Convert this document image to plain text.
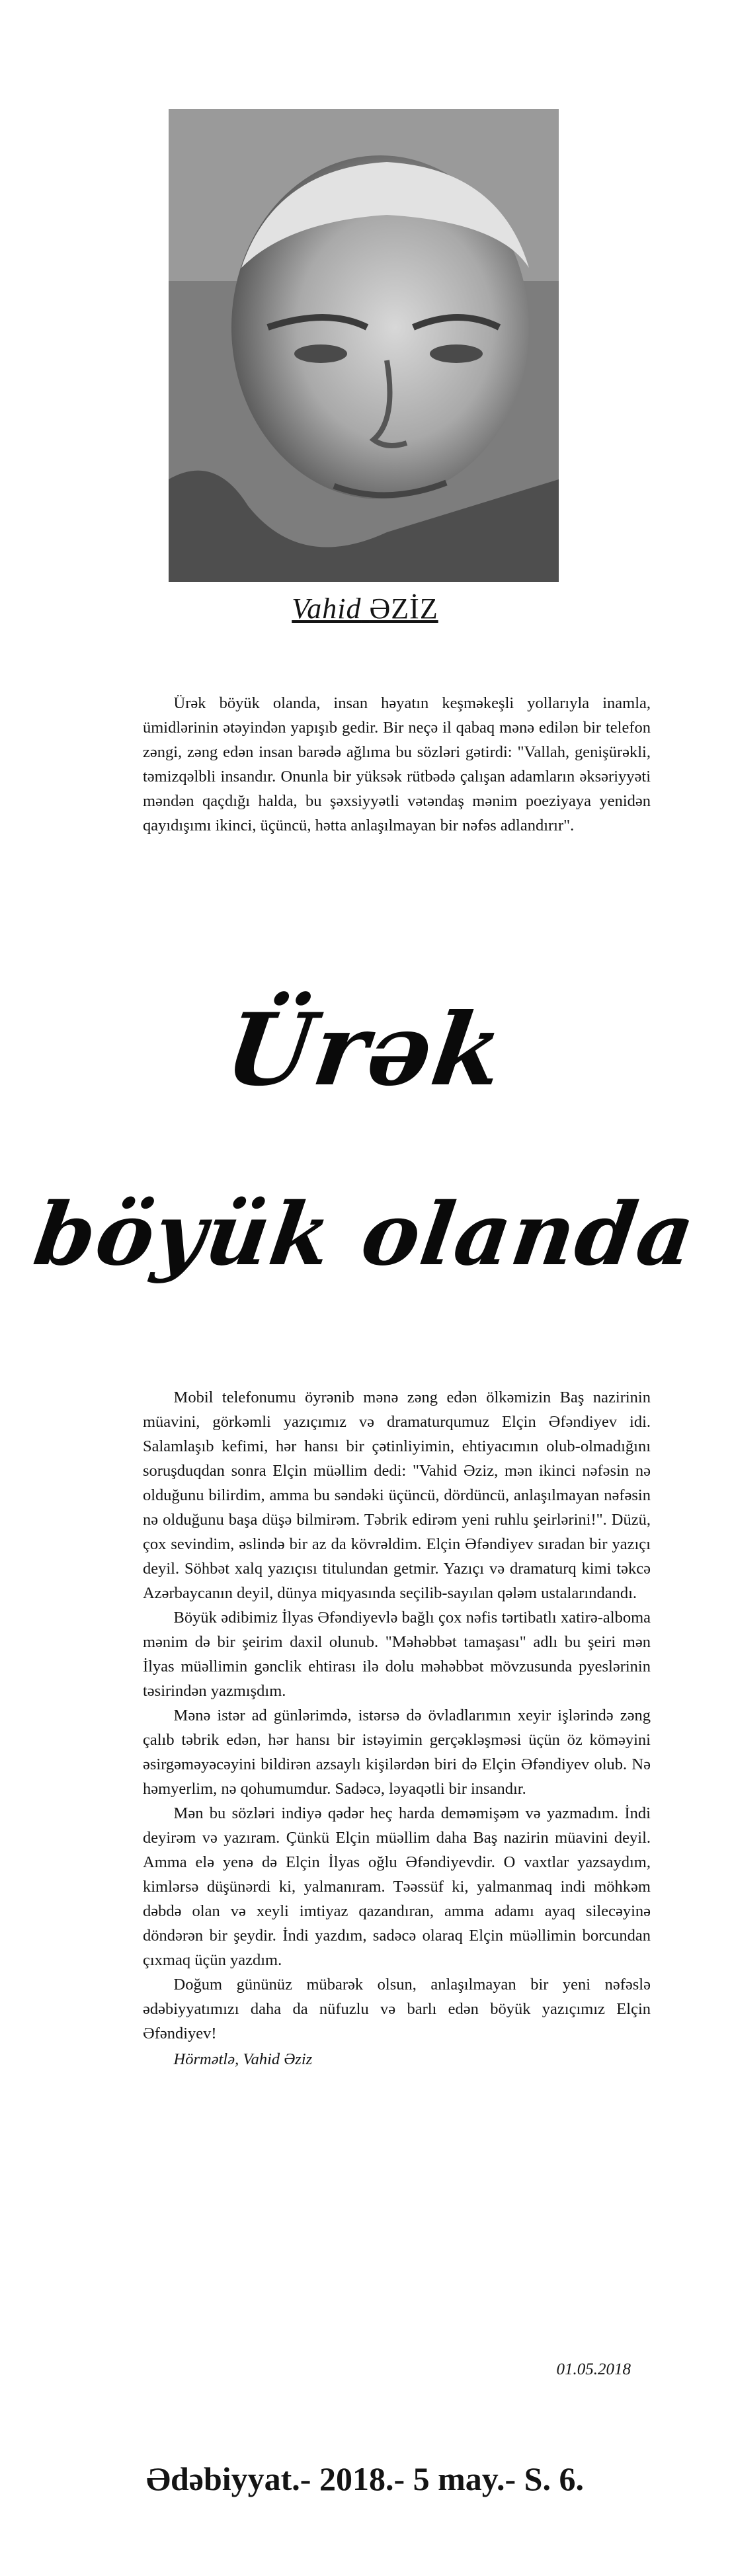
Vahid ƏZİZ

Ürək böyük olanda, insan həyatın keşməkeşli yollarıyla inamla, ümidlərinin ətəyindən yapışıb gedir. Bir neçə il qabaq mənə edilən bir telefon zəngi, zəng edən insan barədə ağlıma bu sözləri gətirdi: "Vallah, genişürəkli, təmizqəlbli insandır. Onunla bir yüksək rütbədə çalışan adamların əksəriyyəti məndən qaçdığı halda, bu şəxsiyyətli vətəndaş mənim poeziyaya yenidən qayıdışımı ikinci, üçüncü, hətta anlaşılmayan bir nəfəs adlandırır".

Ürək
böyük olanda

Mobil telefonumu öyrənib mənə zəng edən ölkəmizin Baş nazirinin müavini, görkəmli yazıçımız və dramaturqumuz Elçin Əfəndiyev idi. Salamlaşıb kefimi, hər hansı bir çətinliyimin, ehtiyacımın olub-olmadığını soruşduqdan sonra Elçin müəllim dedi: "Vahid Əziz, mən ikinci nəfəsin nə olduğunu bilirdim, amma bu səndəki üçüncü, dördüncü, anlaşılmayan nəfəsin nə olduğunu başa düşə bilmirəm. Təbrik edirəm yeni ruhlu şeirlərini!". Düzü, çox sevindim, əslində bir az da kövrəldim. Elçin Əfəndiyev sıradan bir yazıçı deyil. Söhbət xalq yazıçısı titulundan getmir. Yazıçı və dramaturq kimi təkcə Azərbaycanın deyil, dünya miqyasında seçilib-sayılan qələm ustalarındandı.

Böyük ədibimiz İlyas Əfəndiyevlə bağlı çox nəfis tərtibatlı xatirə-albomа mənim də bir şeirim daxil olunub. "Məhəbbət tamaşası" adlı bu şeiri mən İlyas müəllimin gənclik ehtirası ilə dolu məhəbbət mövzusunda pyeslərinin təsirindən yazmışdım.

Mənə istər ad günlərimdə, istərsə də övladlarımın xeyir işlərində zəng çalıb təbrik edən, hər hansı bir istəyimin gerçəkləşməsi üçün öz kömәyini əsirgəməyəcəyini bildirən azsaylı kişilərdən biri də Elçin Əfəndiyev olub. Nə həmyerlim, nə qohumumdur. Sadəcə, ləyaqətli bir insandır.

Mən bu sözləri indiyə qədər heç harda deməmişəm və yazmadım. İndi deyirəm və yazıram. Çünkü Elçin müəllim daha Baş nazirin müavini deyil. Amma elə yenə də Elçin İlyas oğlu Əfəndiyevdir. O vaxtlar yazsaydım, kimlərsə düşünərdi ki, yalmanıram. Təəssüf ki, yalmanmaq indi möhkəm dəbdə olan və xeyli imtiyaz qazandıran, amma adamı ayaq silecəyinə döndərən bir şeydir. İndi yazdım, sadəcə olaraq Elçin müəllimin borcundan çıxmaq üçün yazdım.

Doğum gününüz mübarək olsun, anlaşılmayan bir yeni nəfəslə ədəbiyyatımızı daha da nüfuzlu və barlı edən böyük yazıçımız Elçin Əfəndiyev!

Hörmətlə, Vahid Əziz
01.05.2018
Ədəbiyyat.- 2018.- 5 may.- S. 6.
